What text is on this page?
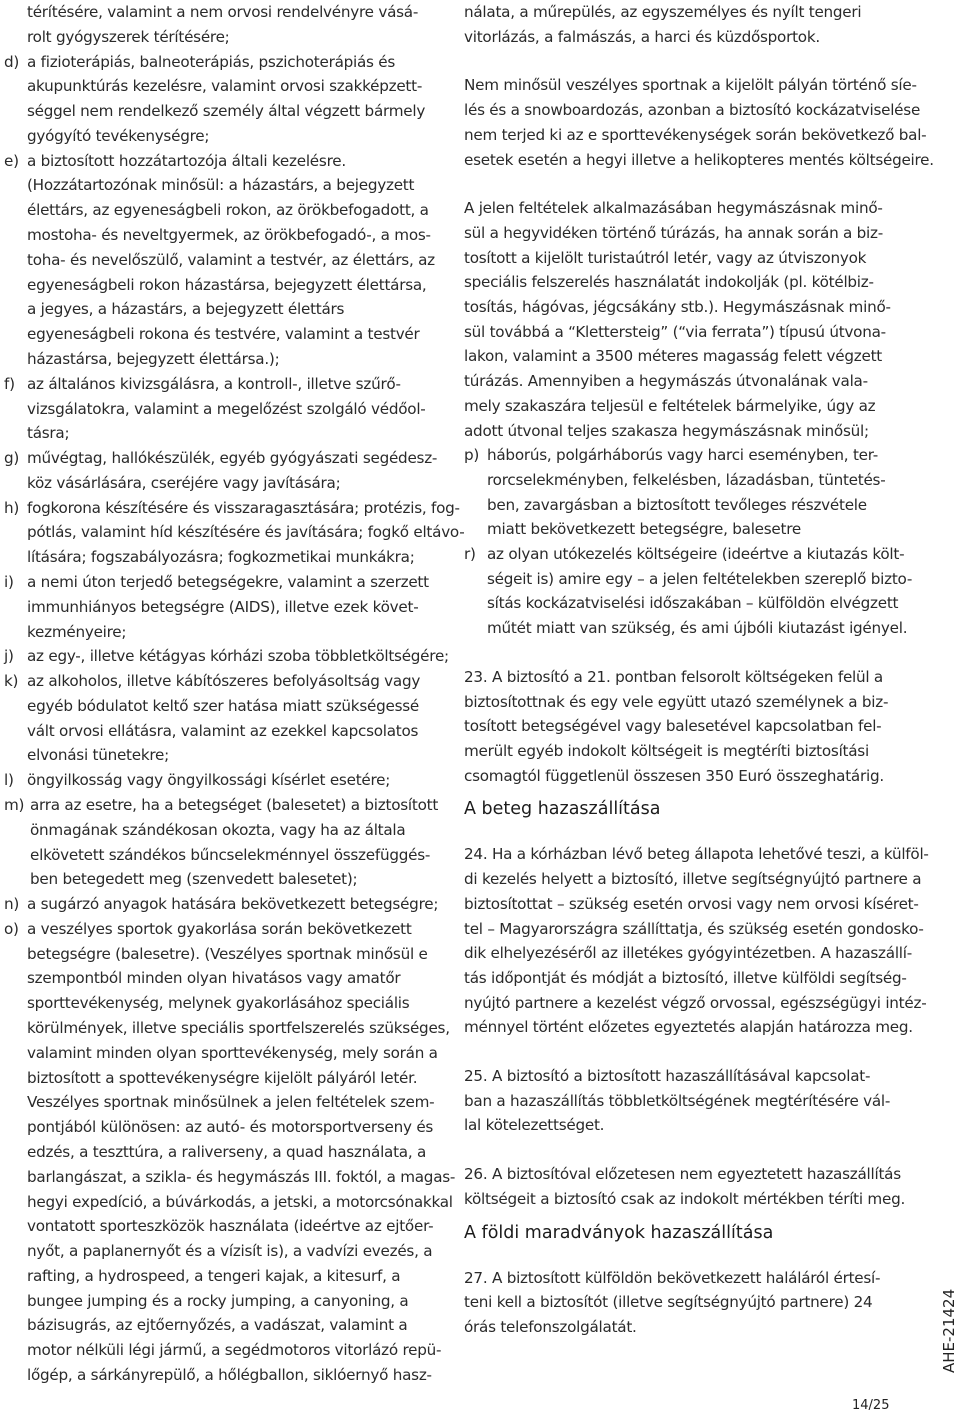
térítésére, valamint a nem orvosi rendelvényre vásá-
rolt gyógyszerek térítésére;
d) a fizioterápiás, balneoterápiás, pszichoterápiás és
akupunktúrás kezelésre, valamint orvosi szakképzett-
séggel nem rendelkező személy által végzett bármely
gyógyító tevékenységre;
e) a biztosított hozzátartozója általi kezelésre.
(Hozzátartozónak minősül: a házastárs, a bejegyzett
élettárs, az egyeneságbeli rokon, az örökbefogadott, a
mostoha- és neveltgyermek, az örökbefogadó-, a mos-
toha- és nevelőszülő, valamint a testvér, az élettárs, az
egyeneságbeli rokon házastársa, bejegyzett élettársa,
a jegyes, a házastárs, a bejegyzett élettárs
egyeneságbeli rokona és testvére, valamint a testvér
házastársa, bejegyzett élettársa.);
f) az általános kivizsgálásra, a kontroll-, illetve szűrő-
vizsgálatokra, valamint a megelőzést szolgáló védőol-
tásra;
g) művégtag, hallókészülék, egyéb gyógyászati segédesz-
köz vásárlására, cseréjére vagy javítására;
h) fogkorona készítésére és visszaragasztására; protézis, fog-
pótlás, valamint híd készítésére és javítására; fogkő eltávo-
lítására; fogszabályozásra; fogkozmetikai munkákra;
i) a nemi úton terjedő betegségekre, valamint a szerzett
immunhiányos betegségre (AIDS), illetve ezek követ-
kezményeire;
j) az egy-, illetve kétágyas kórházi szoba többletköltségére;
k) az alkoholos, illetve kábítószeres befolyásoltság vagy
egyéb bódulatot keltő szer hatása miatt szükségessé
vált orvosi ellátásra, valamint az ezekkel kapcsolatos
elvonási tünetekre;
l) öngyilkosság vagy öngyilkossági kísérlet esetére;
m) arra az esetre, ha a betegséget (balesetet) a biztosított
önmagának szándékosan okozta, vagy ha az általa
elkövetett szándékos bűncselekménnyel összefüggés-
ben betegedett meg (szenvedett balesetet);
n) a sugárzó anyagok hatására bekövetkezett betegségre;
o) a veszélyes sportok gyakorlása során bekövetkezett
betegségre (balesetre). (Veszélyes sportnak minősül e
szempontból minden olyan hivatásos vagy amatőr
sporttevékenység, melynek gyakorlásához speciális
körülmények, illetve speciális sportfelszerelés szükséges,
valamint minden olyan sporttevékenység, mely során a
biztosított a spottevékenységre kijelölt pályáról letér.
Veszélyes sportnak minősülnek a jelen feltételek szem-
pontjából különösen: az autó- és motorsportverseny és
edzés, a teszttúra, a raliverseny, a quad használata, a
barlangászat, a szikla- és hegymászás III. foktól, a magas-
hegyi expedíció, a búvárkodás, a jetski, a motorcsónakkal
vontatott sporteszközök használata (ideértve az ejtőer-
nyőt, a paplanernyőt és a vízisít is), a vadvízi evezés, a
rafting, a hydrospeed, a tengeri kajak, a kitesurf, a
bungee jumping és a rocky jumping, a canyoning, a
bázisugrás, az ejtőernyőzés, a vadászat, valamint a
motor nélküli légi jármű, a segédmotoros vitorlázó repü-
lőgép, a sárkányrepülő, a hőlégballon, siklóernyő hasz-
nálata, a műrepülés, az egyszemélyes és nyílt tengeri
vitorlázás, a falmászás, a harci és küzdősportok.
Nem minősül veszélyes sportnak a kijelölt pályán történő síe-
lés és a snowboardozás, azonban a biztosító kockázatviselése
nem terjed ki az e sporttevékenységek során bekövetkező bal-
esetek esetén a hegyi illetve a helikopteres mentés költségeire.
A jelen feltételek alkalmazásában hegymászásnak minő-
sül a hegyvidéken történő túrázás, ha annak során a biz-
tosított a kijelölt turistaútról letér, vagy az útviszonyok
speciális felszerelés használatát indokolják (pl. kötélbiz-
tosítás, hágóvas, jégcsákány stb.). Hegymászásnak minő-
sül továbbá a “Klettersteig” (“via ferrata”) típusú útvona-
lakon, valamint a 3500 méteres magasság felett végzett
túrázás. Amennyiben a hegymászás útvonalának vala-
mely szakaszára teljesül e feltételek bármelyike, úgy az
adott útvonal teljes szakasza hegymászásnak minősül;
p) háborús, polgárháborús vagy harci eseményben, ter-
rorcselekményben, felkelésben, lázadásban, tüntetés-
ben, zavargásban a biztosított tevőleges részvétele
miatt bekövetkezett betegségre, balesetre
r) az olyan utókezelés költségeire (ideértve a kiutazás költ-
ségeit is) amire egy – a jelen feltételekben szereplő bizto-
sítás kockázatviselési időszakában – külföldön elvégzett
műtét miatt van szükség, és ami újbóli kiutazást igényel.
23. A biztosító a 21. pontban felsorolt költségeken felül a
biztosítottnak és egy vele együtt utazó személynek a biz-
tosított betegségével vagy balesetével kapcsolatban fel-
merült egyéb indokolt költségeit is megtéríti biztosítási
csomagtól függetlenül összesen 350 Euró összeghatárig.
A beteg hazaszállítása
24. Ha a kórházban lévő beteg állapota lehetővé teszi, a külföl-
di kezelés helyett a biztosító, illetve segítségnyújtó partnere a
biztosítottat – szükség esetén orvosi vagy nem orvosi kíséret-
tel – Magyarországra szállíttatja, és szükség esetén gondosko-
dik elhelyezéséről az illetékes gyógyintézetben. A hazaszállí-
tás időpontját és módját a biztosító, illetve külföldi segítség-
nyújtó partnere a kezelést végző orvossal, egészségügyi intéz-
ménnyel történt előzetes egyeztetés alapján határozza meg.
25. A biztosító a biztosított hazaszállításával kapcsolat-
ban a hazaszállítás többletköltségének megtérítésére vál-
lal kötelezettséget.
26. A biztosítóval előzetesen nem egyeztetett hazaszállítás
költségeit a biztosító csak az indokolt mértékben téríti meg.
A földi maradványok hazaszállítása
27. A biztosított külföldön bekövetkezett haláláról értesí-
teni kell a biztosítót (illetve segítségnyújtó partnere) 24
órás telefonszolgálatát.	AHE-21424
14/25
